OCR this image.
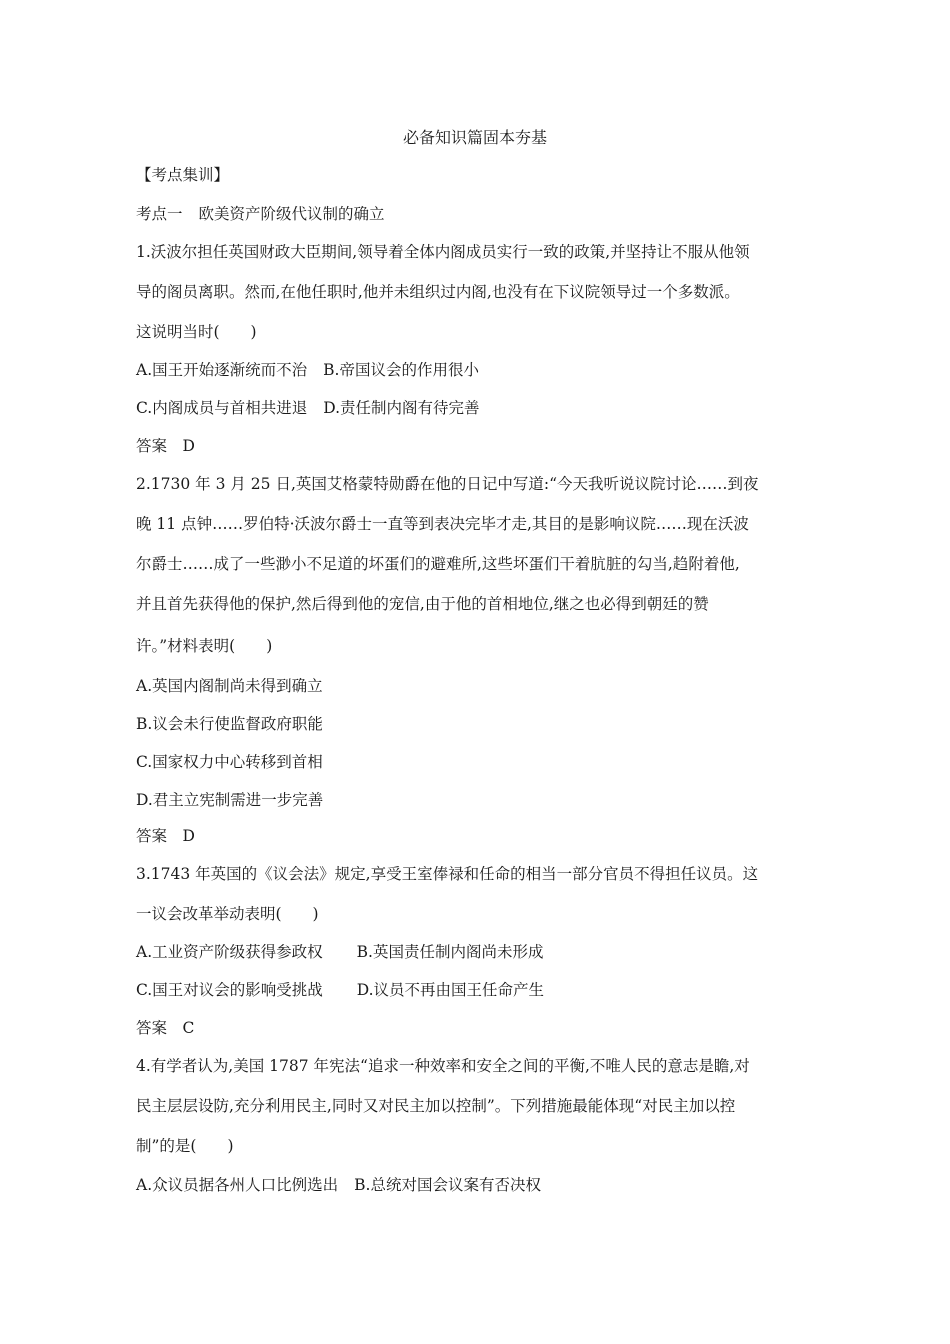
必备知识篇固本夯基
【考点集训】
考点一 欧美资产阶级代议制的确立
1.沃波尔担任英国财政大臣期间,领导着全体内阁成员实行一致的政策,并坚持让不服从他领
导的阁员离职。然而,在他任职时,他并未组织过内阁,也没有在下议院领导过一个多数派。
这说明当时(　　)
A.国王开始逐渐统而不治 B.帝国议会的作用很小
C.内阁成员与首相共进退 D.责任制内阁有待完善
答案　D
2.1730 年 3 月 25 日,英国艾格蒙特勋爵在他的日记中写道:“今天我听说议院讨论……到夜
晚 11 点钟……罗伯特·沃波尔爵士一直等到表决完毕才走,其目的是影响议院……现在沃波
尔爵士……成了一些渺小不足道的坏蛋们的避难所,这些坏蛋们干着肮脏的勾当,趋附着他,
并且首先获得他的保护,然后得到他的宠信,由于他的首相地位,继之也必得到朝廷的赞
许。”材料表明(　　)
A.英国内阁制尚未得到确立
B.议会未行使监督政府职能
C.国家权力中心转移到首相
D.君主立宪制需进一步完善
答案　D
3.1743 年英国的《议会法》规定,享受王室俸禄和任命的相当一部分官员不得担任议员。这
一议会改革举动表明(　　)
A.工业资产阶级获得参政权 B.英国责任制内阁尚未形成
C.国王对议会的影响受挑战 D.议员不再由国王任命产生
答案　C
4.有学者认为,美国 1787 年宪法“追求一种效率和安全之间的平衡,不唯人民的意志是瞻,对
民主层层设防,充分利用民主,同时又对民主加以控制”。下列措施最能体现“对民主加以控
制”的是(　　)
A.众议员据各州人口比例选出 B.总统对国会议案有否决权
